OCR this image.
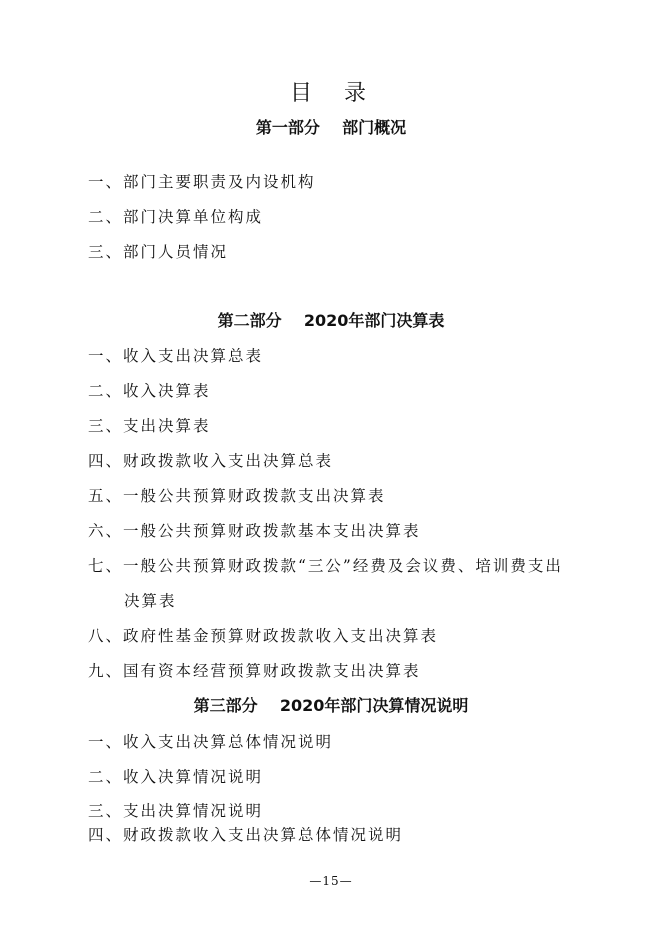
目  录
第一部分    部门概况
一、部门主要职责及内设机构
二、部门决算单位构成
三、部门人员情况
第二部分    2020年部门决算表
一、收入支出决算总表
二、收入决算表
三、支出决算表
四、财政拨款收入支出决算总表
五、一般公共预算财政拨款支出决算表
六、一般公共预算财政拨款基本支出决算表
七、一般公共预算财政拨款“三公”经费及会议费、培训费支出
决算表
八、政府性基金预算财政拨款收入支出决算表
九、国有资本经营预算财政拨款支出决算表
第三部分    2020年部门决算情况说明
一、收入支出决算总体情况说明
二、收入决算情况说明
三、支出决算情况说明
四、财政拨款收入支出决算总体情况说明
—15—
